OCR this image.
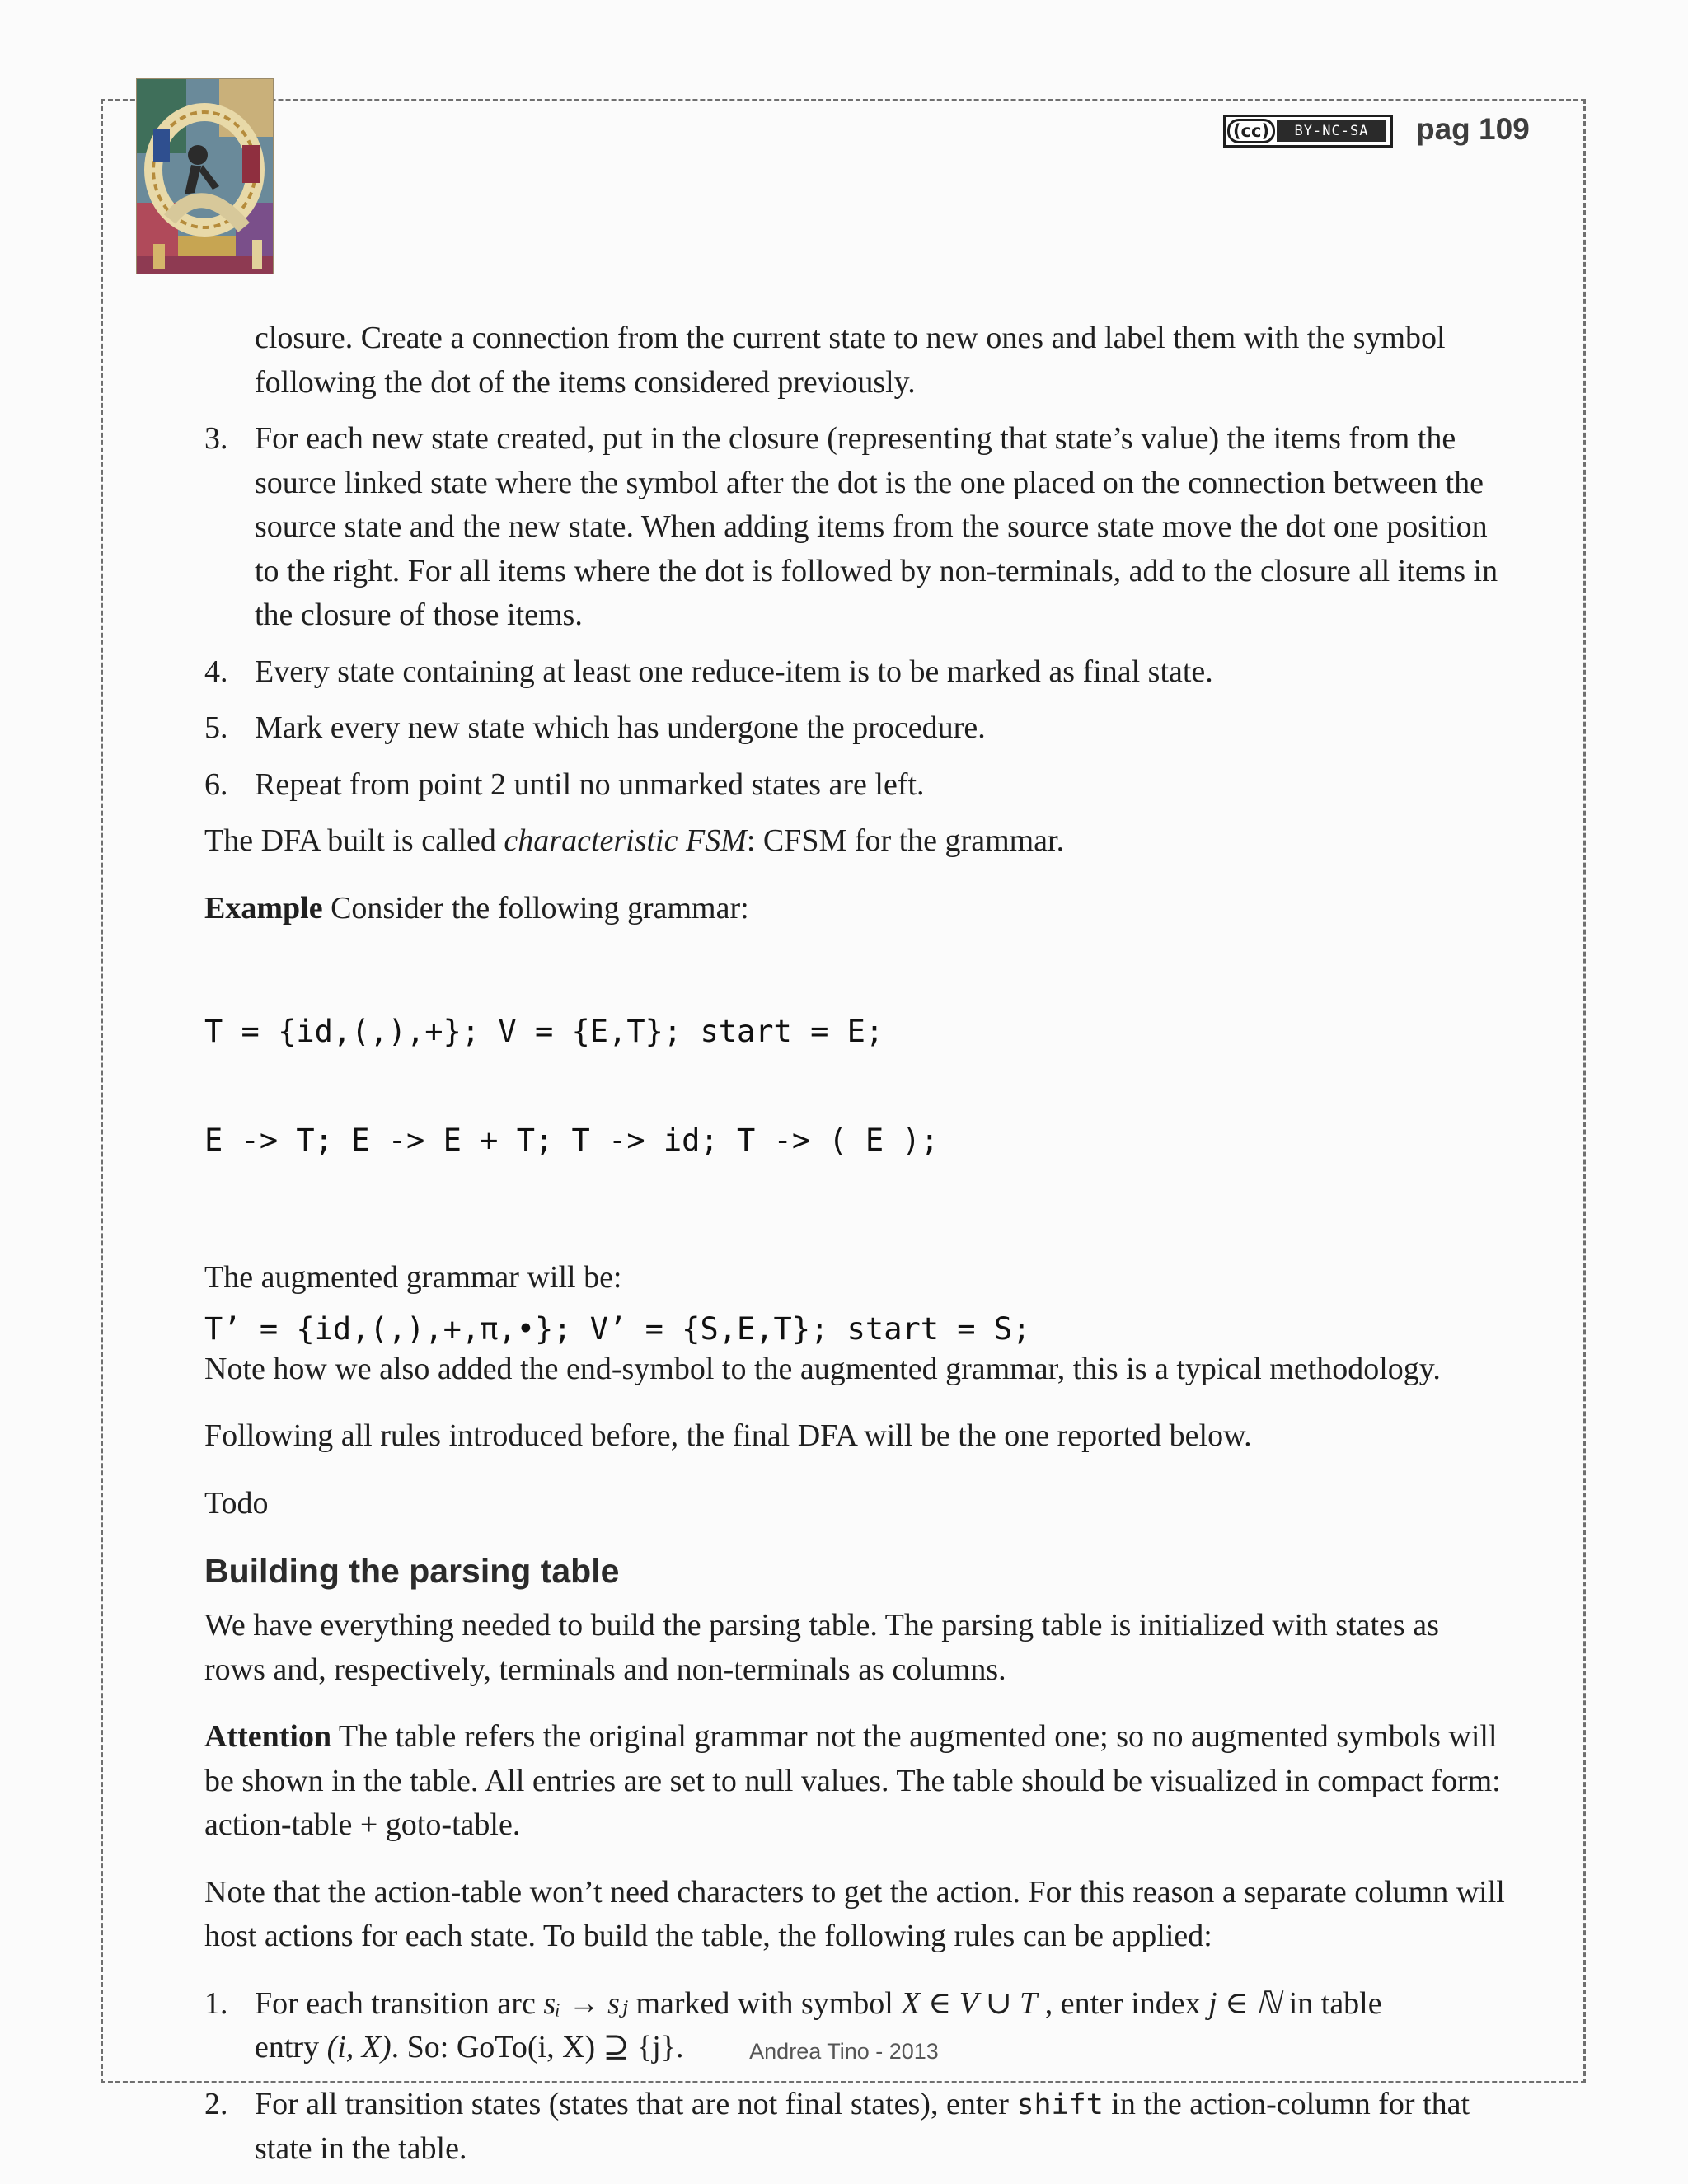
(cc)	BY-NC-SA	pag 109

closure. Create a connection from the current state to new ones and label them with the symbol following the dot of the items considered previously.

3. For each new state created, put in the closure (representing that state’s value) the items from the source linked state where the symbol after the dot is the one placed on the connection between the source state and the new state. When adding items from the source state move the dot one position to the right. For all items where the dot is followed by non-terminals, add to the closure all items in the closure of those items.

4. Every state containing at least one reduce-item is to be marked as final state.

5. Mark every new state which has undergone the procedure.

6. Repeat from point 2 until no unmarked states are left.

The DFA built is called characteristic FSM: CFSM for the grammar.

Example Consider the following grammar:

T = {id,(,),+}; V = {E,T}; start = E;

E -> T; E -> E + T; T -> id; T -> ( E );

The augmented grammar will be:

T’ = {id,(,),+,π,•}; V’ = {S,E,T}; start = S;

Note how we also added the end-symbol to the augmented grammar, this is a typical methodology.

Following all rules introduced before, the final DFA will be the one reported below.

Todo

Building the parsing table

We have everything needed to build the parsing table. The parsing table is initialized with states as rows and, respectively, terminals and non-terminals as columns.

Attention The table refers the original grammar not the augmented one; so no augmented symbols will be shown in the table. All entries are set to null values. The table should be visualized in compact form: action-table + goto-table.

Note that the action-table won’t need characters to get the action. For this reason a separate column will host actions for each state. To build the table, the following rules can be applied:

1. For each transition arc sᵢ → sⱼ marked with symbol X ∈ V ∪ T , enter index j ∈ ℕ in table
entry (i, X). So: GoTo(i, X) ⊇ {j}.

2. For all transition states (states that are not final states), enter shift in the action-column for that state in the table.

Andrea Tino - 2013
